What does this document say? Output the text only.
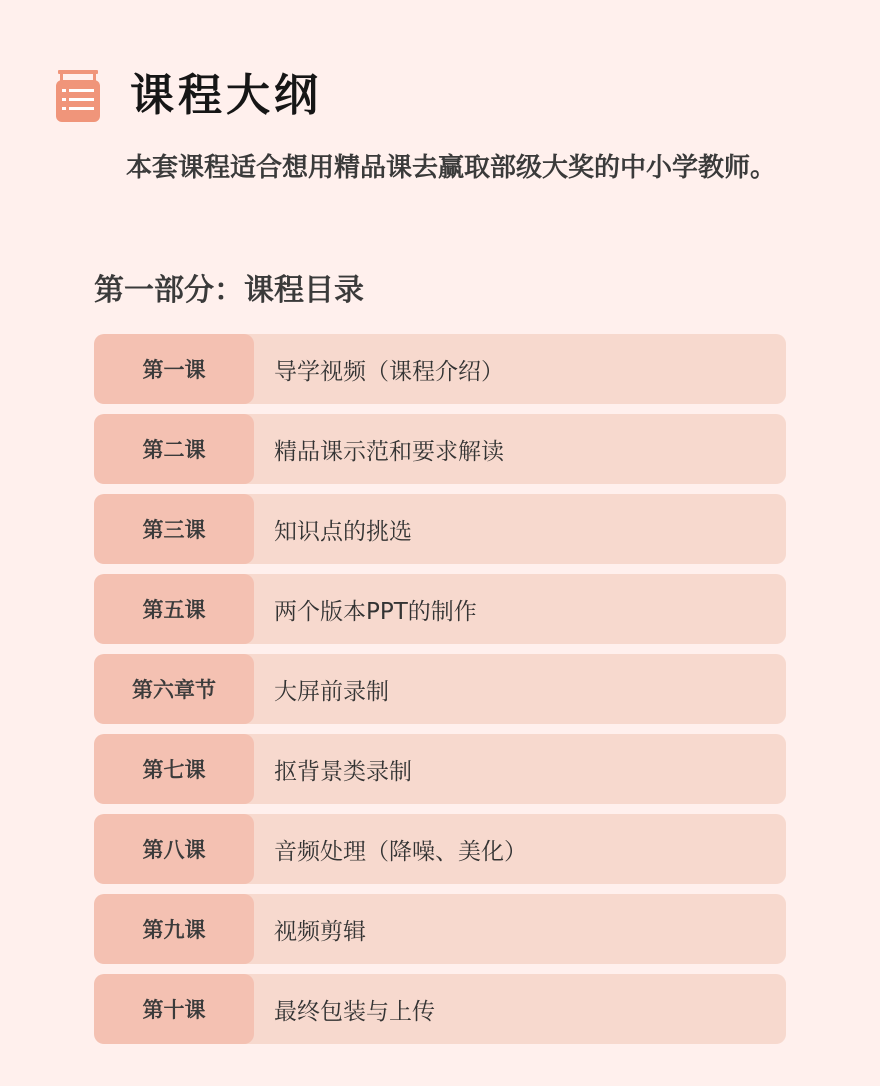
课程大纲

本套课程适合想用精品课去赢取部级大奖的中小学教师。

第一部分：课程目录
第一课	导学视频（课程介绍）
第二课	精品课示范和要求解读
第三课	知识点的挑选
第五课	两个版本PPT的制作
第六章节	大屏前录制
第七课	抠背景类录制
第八课	音频处理（降噪、美化）
第九课	视频剪辑
第十课	最终包装与上传
